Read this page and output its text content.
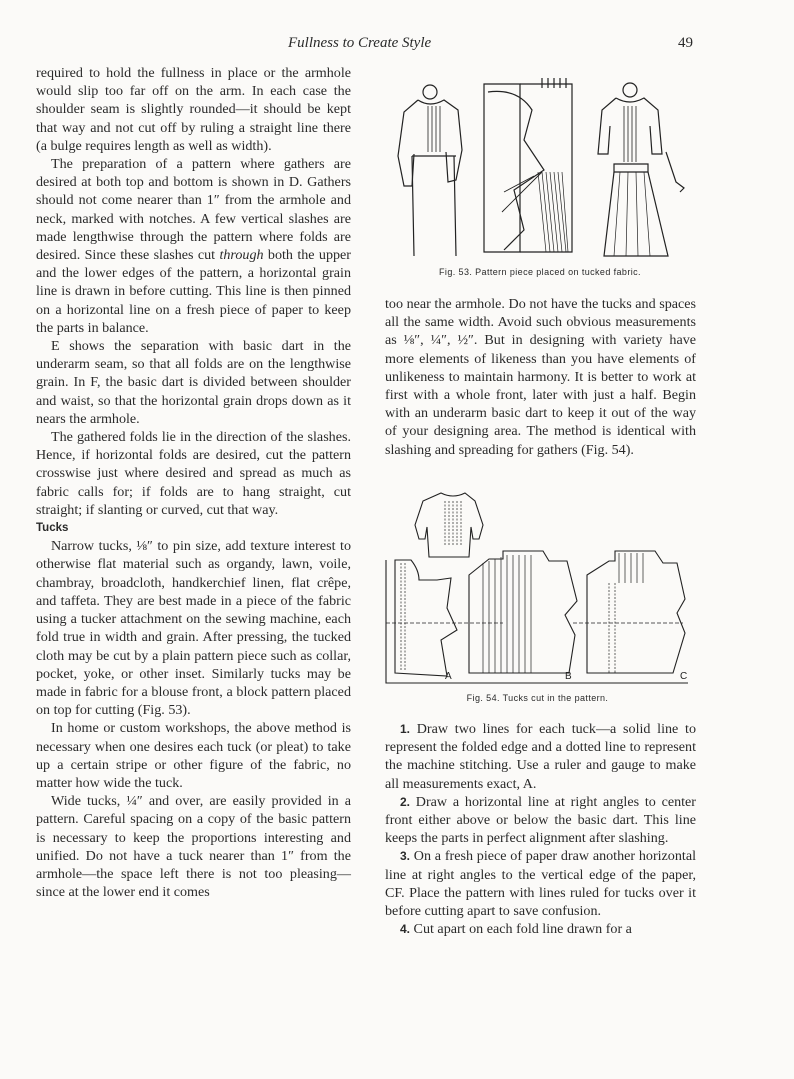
Fullness to Create Style	49

required to hold the fullness in place or the armhole would slip too far off on the arm. In each case the shoulder seam is slightly rounded—it should be kept that way and not cut off by ruling a straight line there (a bulge requires length as well as width).

The preparation of a pattern where gathers are desired at both top and bottom is shown in D. Gathers should not come nearer than 1″ from the armhole and neck, marked with notches. A few vertical slashes are made lengthwise through the pattern where folds are desired. Since these slashes cut through both the upper and the lower edges of the pattern, a horizontal grain line is drawn in before cutting. This line is then pinned on a horizontal line on a fresh piece of paper to keep the parts in balance.

E shows the separation with basic dart in the underarm seam, so that all folds are on the lengthwise grain. In F, the basic dart is divided between shoulder and waist, so that the horizontal grain drops down as it nears the armhole.

The gathered folds lie in the direction of the slashes. Hence, if horizontal folds are desired, cut the pattern crosswise just where desired and spread as much as fabric calls for; if folds are to hang straight, cut straight; if slanting or curved, cut that way.

Tucks

Narrow tucks, ⅛″ to pin size, add texture interest to otherwise flat material such as organdy, lawn, voile, chambray, broadcloth, handkerchief linen, flat crêpe, and taffeta. They are best made in a piece of the fabric using a tucker attachment on the sewing machine, each fold true in width and grain. After pressing, the tucked cloth may be cut by a plain pattern piece such as collar, pocket, yoke, or other inset. Similarly tucks may be made in fabric for a blouse front, a block pattern placed on top for cutting (Fig. 53).

In home or custom workshops, the above method is necessary when one desires each tuck (or pleat) to take up a certain stripe or other figure of the fabric, no matter how wide the tuck.

Wide tucks, ¼″ and over, are easily provided in a pattern. Careful spacing on a copy of the basic pattern is necessary to keep the proportions interesting and unified. Do not have a tuck nearer than 1″ from the armhole—the space left there is not too pleasing—since at the lower end it comes

Fig. 53. Pattern piece placed on tucked fabric.

too near the armhole. Do not have the tucks and spaces all the same width. Avoid such obvious measurements as ⅛″, ¼″, ½″. But in designing with variety have more elements of likeness than you have elements of unlikeness to maintain harmony. It is better to work at first with a whole front, later with just a half. Begin with an underarm basic dart to keep it out of the way of your designing area. The method is identical with slashing and spreading for gathers (Fig. 54).

A	B	C
Fig. 54. Tucks cut in the pattern.

1. Draw two lines for each tuck—a solid line to represent the folded edge and a dotted line to represent the machine stitching. Use a ruler and gauge to make all measurements exact, A.

2. Draw a horizontal line at right angles to center front either above or below the basic dart. This line keeps the parts in perfect alignment after slashing.

3. On a fresh piece of paper draw another horizontal line at right angles to the vertical edge of the paper, CF. Place the pattern with lines ruled for tucks over it before cutting apart to save confusion.

4. Cut apart on each fold line drawn for a
